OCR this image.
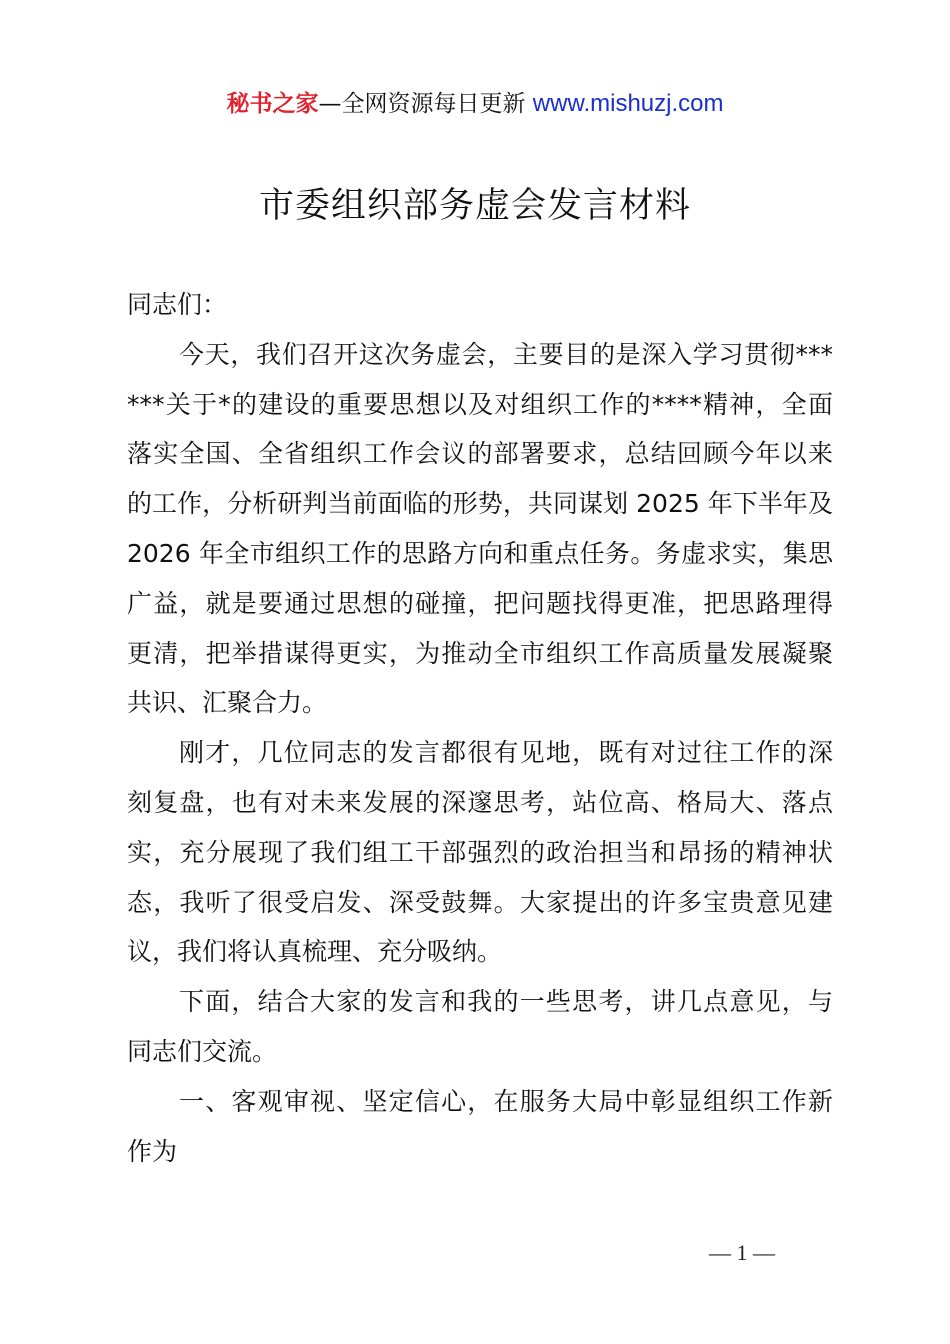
秘书之家—全网资源每日更新 www.mishuzj.com
市委组织部务虚会发言材料
同志们：
今天，我们召开这次务虚会，主要目的是深入学习贯彻***
***关于*的建设的重要思想以及对组织工作的****精神，全面
落实全国、全省组织工作会议的部署要求，总结回顾今年以来
的工作，分析研判当前面临的形势，共同谋划 2025 年下半年及
2026 年全市组织工作的思路方向和重点任务。务虚求实，集思
广益，就是要通过思想的碰撞，把问题找得更准，把思路理得
更清，把举措谋得更实，为推动全市组织工作高质量发展凝聚
共识、汇聚合力。
刚才，几位同志的发言都很有见地，既有对过往工作的深
刻复盘，也有对未来发展的深邃思考，站位高、格局大、落点
实，充分展现了我们组工干部强烈的政治担当和昂扬的精神状
态，我听了很受启发、深受鼓舞。大家提出的许多宝贵意见建
议，我们将认真梳理、充分吸纳。
下面，结合大家的发言和我的一些思考，讲几点意见，与
同志们交流。
一、客观审视、坚定信心，在服务大局中彰显组织工作新
作为
— 1 —
